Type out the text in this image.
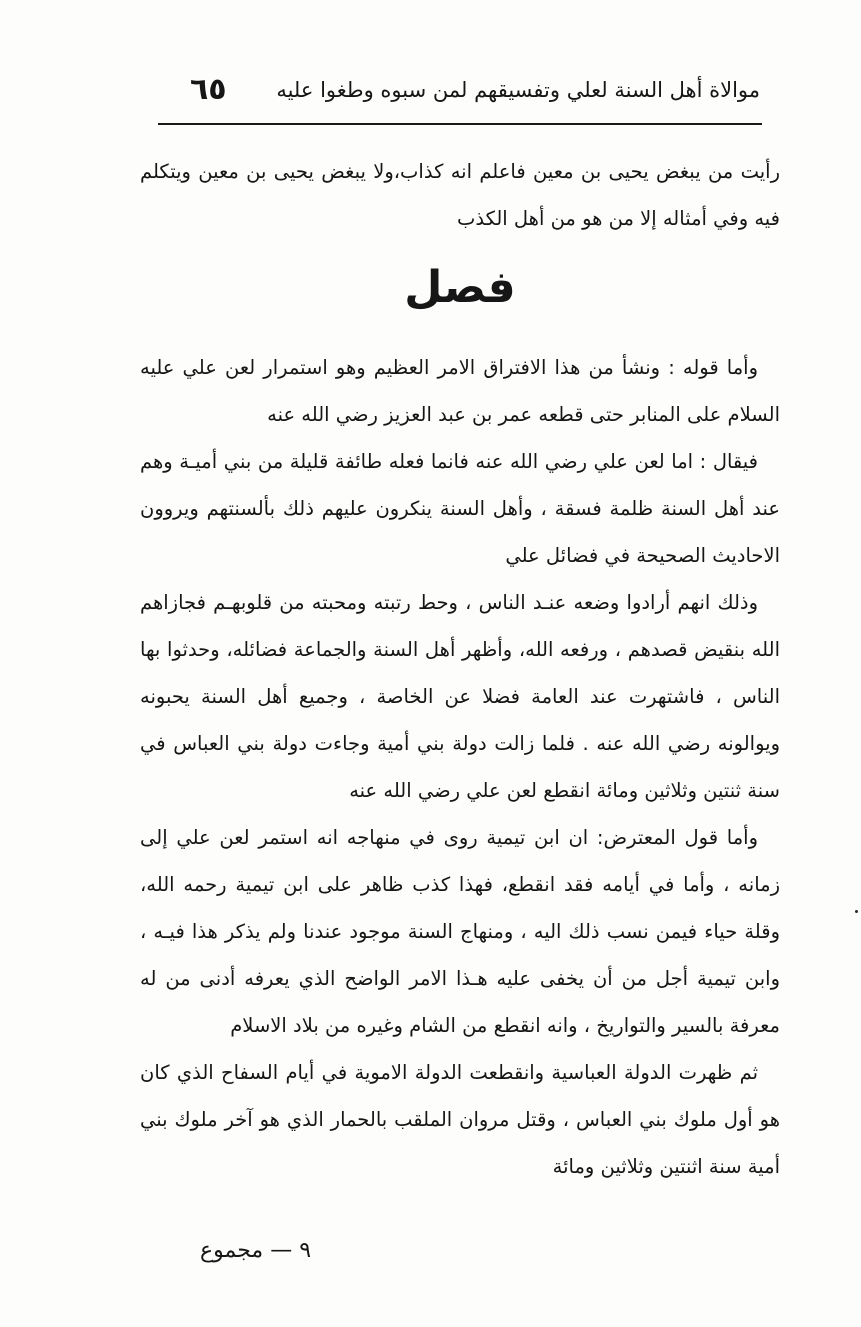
موالاة أهل السنة لعلي وتفسيقهم لمن سبوه وطغوا عليه
٦٥

رأيت من يبغض يحيى بن معين فاعلم انه كذاب،ولا يبغض يحيى بن معين ويتكلم فيه وفي أمثاله إلا من هو من أهل الكذب

فصل

وأما قوله : ونشأ من هذا الافتراق الامر العظيم وهو استمرار لعن علي عليه السلام على المنابر حتى قطعه عمر بن عبد العزيز رضي الله عنه

فيقال : اما لعن علي رضي الله عنه فانما فعله طائفة قليلة من بني أميـة وهم عند أهل السنة ظلمة فسقة ، وأهل السنة ينكرون عليهم ذلك بألسنتهم ويروون الاحاديث الصحيحة في فضائل علي

وذلك انهم أرادوا وضعه عنـد الناس ، وحط رتبته ومحبته من قلوبهـم فجازاهم الله بنقيض قصدهم ، ورفعه الله، وأظهر أهل السنة والجماعة فضائله، وحدثوا بها الناس ، فاشتهرت عند العامة فضلا عن الخاصة ، وجميع أهل السنة يحبونه ويوالونه رضي الله عنه . فلما زالت دولة بني أمية وجاءت دولة بني العباس في سنة ثنتين وثلاثين ومائة انقطع لعن علي رضي الله عنه

وأما قول المعترض: ان ابن تيمية روى في منهاجه انه استمر لعن علي إلى زمانه ، وأما في أيامه فقد انقطع، فهذا كذب ظاهر على ابن تيمية رحمه الله، وقلة حياء فيمن نسب ذلك اليه ، ومنهاج السنة موجود عندنا ولم يذكر هذا فيـه ، وابن تيمية أجل من أن يخفى عليه هـذا الامر الواضح الذي يعرفه أدنى من له معرفة بالسير والتواريخ ، وانه انقطع من الشام وغيره من بلاد الاسلام

ثم ظهرت الدولة العباسية وانقطعت الدولة الاموية في أيام السفاح الذي كان هو أول ملوك بني العباس ، وقتل مروان الملقب بالحمار الذي هو آخر ملوك بني أمية سنة اثنتين وثلاثين ومائة

٩ — مجموع
